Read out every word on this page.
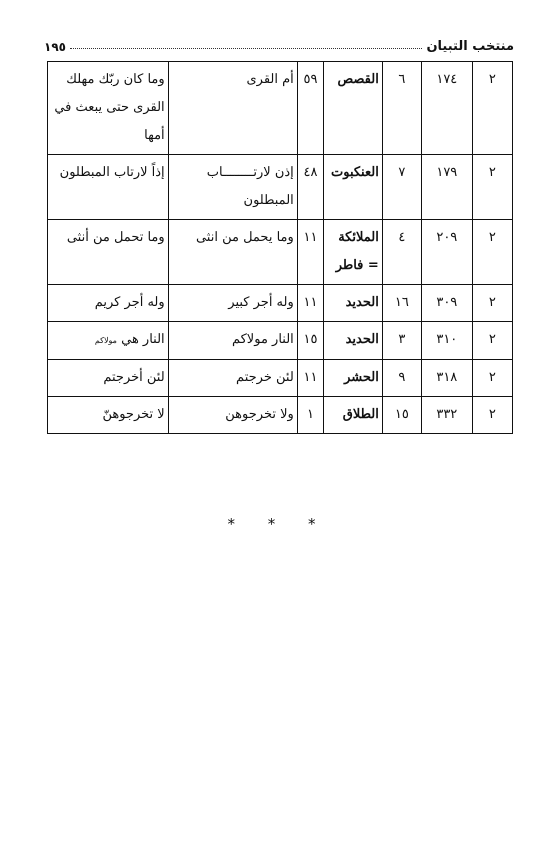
منتخب التبيان
١٩٥
٢	١٧٤	٦	القصص	٥٩	أم القرى	وما كان ربّك مهلك القرى حتى يبعث في أمها
٢	١٧٩	٧	العنكبوت	٤٨	إذن لارتــــــــاب المبطلون	إذاً لارتاب المبطلون
٢	٢٠٩	٤	الملائكة = فاطر	١١	وما يحمل من انثى	وما تحمل من أنثى
٢	٣٠٩	١٦	الحديد	١١	وله أجر كبير	وله أجر كريم
٢	٣١٠	٣	الحديد	١٥	النار مولاكم	النار هي مولاكم
٢	٣١٨	٩	الحشر	١١	لئن خرجتم	لئن أخرجتم
٢	٣٣٢	١٥	الطلاق	١	ولا تخرجوهن	لا تخرجوهنّ
* * *
